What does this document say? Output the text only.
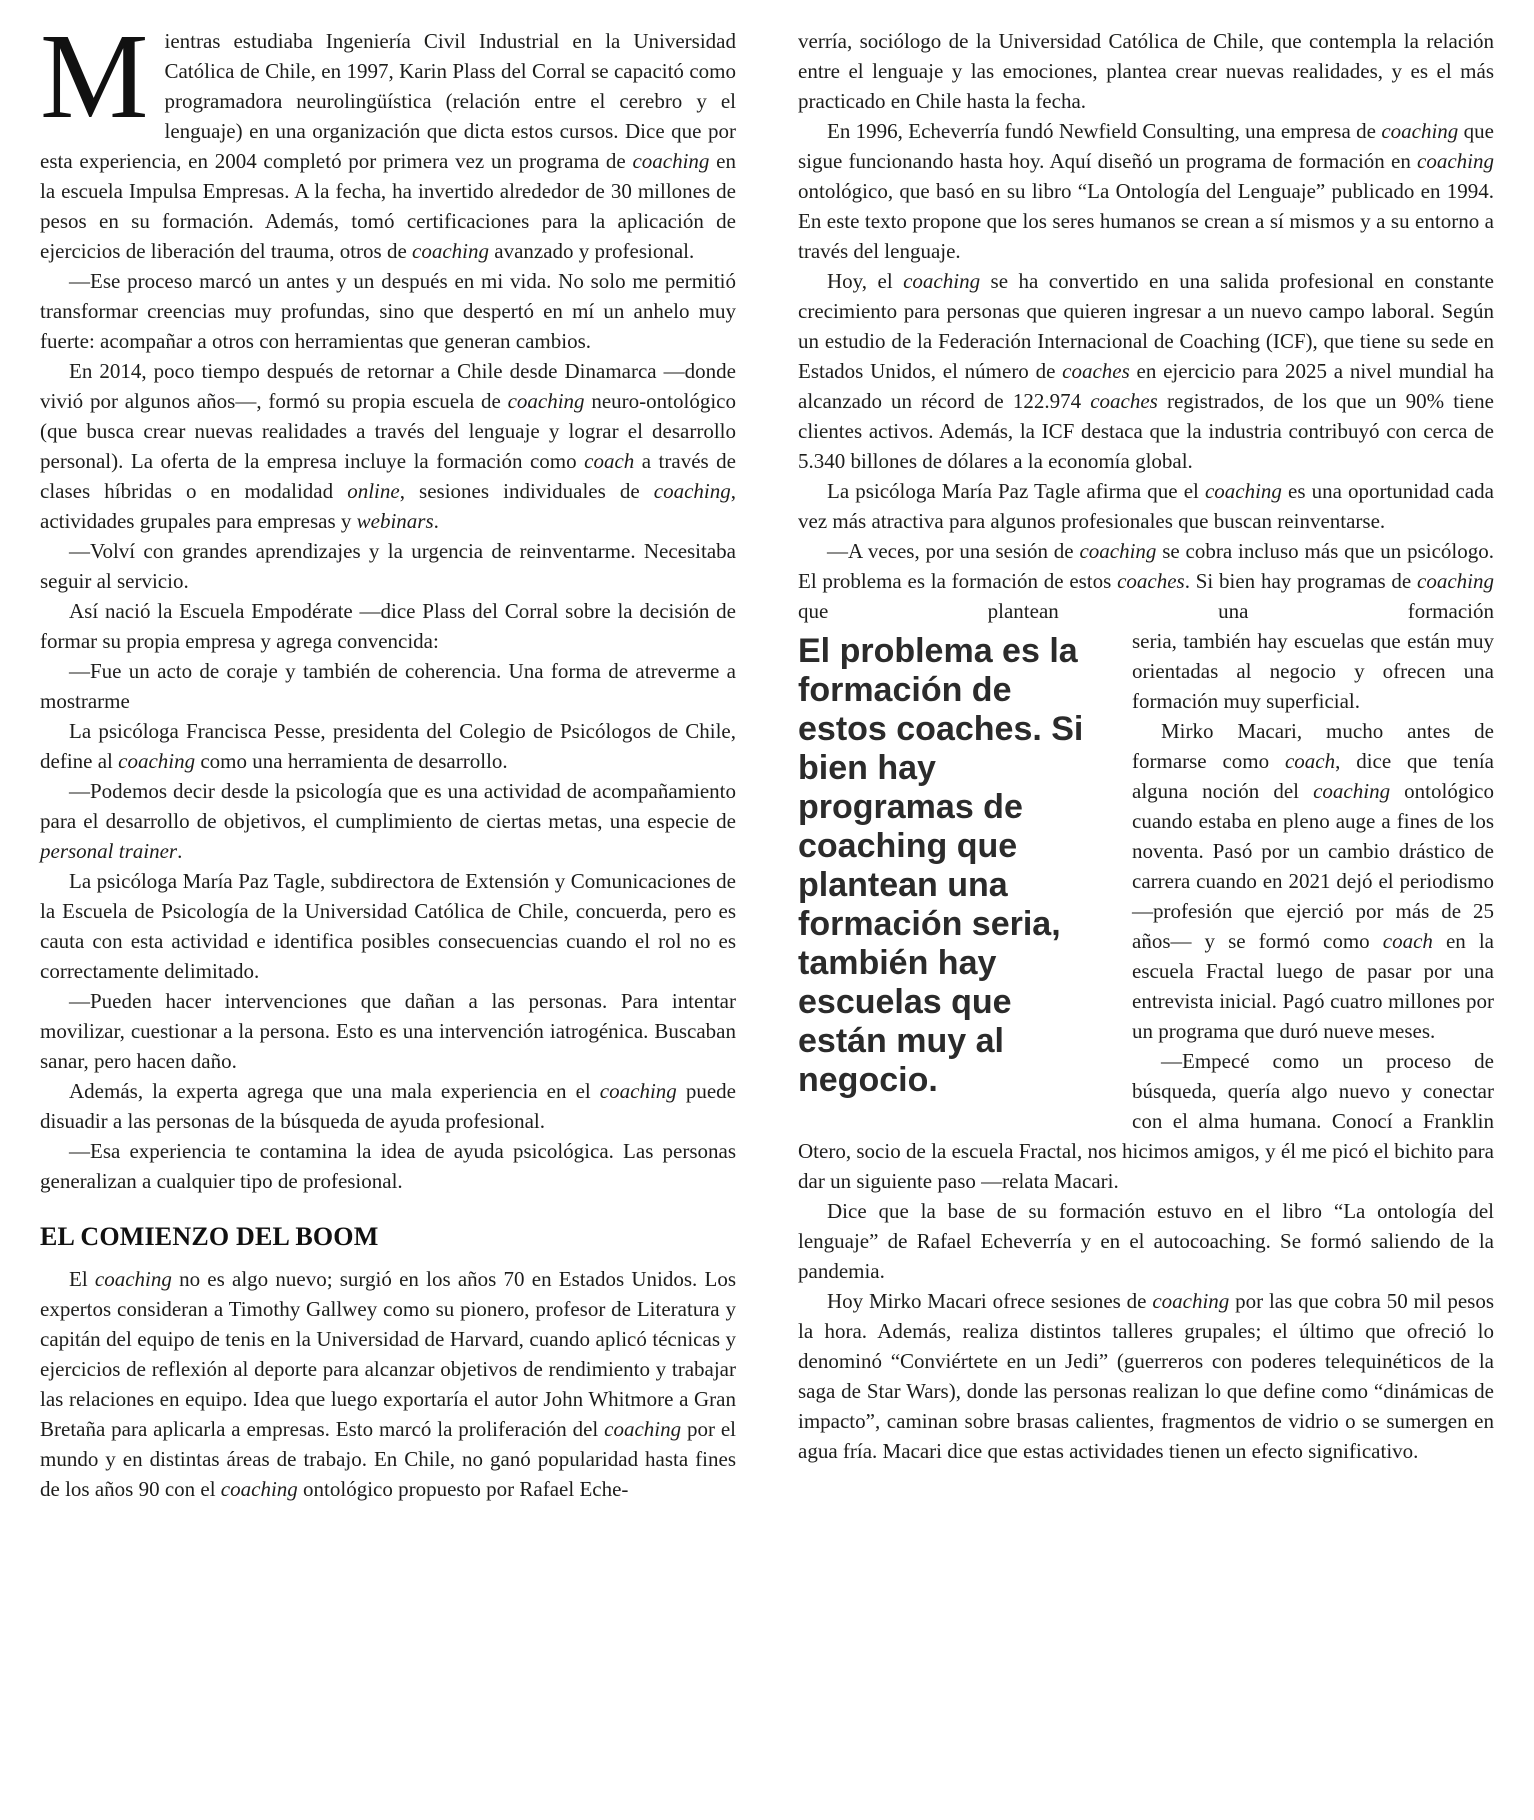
Mientras estudiaba Ingeniería Civil Industrial en la Universidad Católica de Chile, en 1997, Karin Plass del Corral se capacitó como programadora neurolingüística (relación entre el cerebro y el lenguaje) en una organización que dicta estos cursos. Dice que por esta experiencia, en 2004 completó por primera vez un programa de coaching en la escuela Impulsa Empresas. A la fecha, ha invertido alrededor de 30 millones de pesos en su formación. Además, tomó certificaciones para la aplicación de ejercicios de liberación del trauma, otros de coaching avanzado y profesional.

—Ese proceso marcó un antes y un después en mi vida. No solo me permitió transformar creencias muy profundas, sino que despertó en mí un anhelo muy fuerte: acompañar a otros con herramientas que generan cambios.

En 2014, poco tiempo después de retornar a Chile desde Dinamarca —donde vivió por algunos años—, formó su propia escuela de coaching neuro-ontológico (que busca crear nuevas realidades a través del lenguaje y lograr el desarrollo personal). La oferta de la empresa incluye la formación como coach a través de clases híbridas o en modalidad online, sesiones individuales de coaching, actividades grupales para empresas y webinars.

—Volví con grandes aprendizajes y la urgencia de reinventarme. Necesitaba seguir al servicio.

Así nació la Escuela Empodérate —dice Plass del Corral sobre la decisión de formar su propia empresa y agrega convencida:

—Fue un acto de coraje y también de coherencia. Una forma de atreverme a mostrarme

La psicóloga Francisca Pesse, presidenta del Colegio de Psicólogos de Chile, define al coaching como una herramienta de desarrollo.

—Podemos decir desde la psicología que es una actividad de acompañamiento para el desarrollo de objetivos, el cumplimiento de ciertas metas, una especie de personal trainer.

La psicóloga María Paz Tagle, subdirectora de Extensión y Comunicaciones de la Escuela de Psicología de la Universidad Católica de Chile, concuerda, pero es cauta con esta actividad e identifica posibles consecuencias cuando el rol no es correctamente delimitado.

—Pueden hacer intervenciones que dañan a las personas. Para intentar movilizar, cuestionar a la persona. Esto es una intervención iatrogénica. Buscaban sanar, pero hacen daño.

Además, la experta agrega que una mala experiencia en el coaching puede disuadir a las personas de la búsqueda de ayuda profesional.

—Esa experiencia te contamina la idea de ayuda psicológica. Las personas generalizan a cualquier tipo de profesional.

EL COMIENZO DEL BOOM

El coaching no es algo nuevo; surgió en los años 70 en Estados Unidos. Los expertos consideran a Timothy Gallwey como su pionero, profesor de Literatura y capitán del equipo de tenis en la Universidad de Harvard, cuando aplicó técnicas y ejercicios de reflexión al deporte para alcanzar objetivos de rendimiento y trabajar las relaciones en equipo. Idea que luego exportaría el autor John Whitmore a Gran Bretaña para aplicarla a empresas. Esto marcó la proliferación del coaching por el mundo y en distintas áreas de trabajo. En Chile, no ganó popularidad hasta fines de los años 90 con el coaching ontológico propuesto por Rafael Eche-

verría, sociólogo de la Universidad Católica de Chile, que contempla la relación entre el lenguaje y las emociones, plantea crear nuevas realidades, y es el más practicado en Chile hasta la fecha.

En 1996, Echeverría fundó Newfield Consulting, una empresa de coaching que sigue funcionando hasta hoy. Aquí diseñó un programa de formación en coaching ontológico, que basó en su libro “La Ontología del Lenguaje” publicado en 1994. En este texto propone que los seres humanos se crean a sí mismos y a su entorno a través del lenguaje.

Hoy, el coaching se ha convertido en una salida profesional en constante crecimiento para personas que quieren ingresar a un nuevo campo laboral. Según un estudio de la Federación Internacional de Coaching (ICF), que tiene su sede en Estados Unidos, el número de coaches en ejercicio para 2025 a nivel mundial ha alcanzado un récord de 122.974 coaches registrados, de los que un 90% tiene clientes activos. Además, la ICF destaca que la industria contribuyó con cerca de 5.340 billones de dólares a la economía global.

La psicóloga María Paz Tagle afirma que el coaching es una oportunidad cada vez más atractiva para algunos profesionales que buscan reinventarse.

—A veces, por una sesión de coaching se cobra incluso más que un psicólogo. El problema es la formación de estos coaches. Si bien hay programas de coaching que plantean una formación

El problema es la formación de estos coaches. Si bien hay programas de coaching que plantean una formación seria, también hay escuelas que están muy al negocio.

seria, también hay escuelas que están muy orientadas al negocio y ofrecen una formación muy superficial.

Mirko Macari, mucho antes de formarse como coach, dice que tenía alguna noción del coaching ontológico cuando estaba en pleno auge a fines de los noventa. Pasó por un cambio drástico de carrera cuando en 2021 dejó el periodismo —profesión que ejerció por más de 25 años— y se formó como coach en la escuela Fractal luego de pasar por una entrevista inicial. Pagó cuatro millones por un programa que duró nueve meses.

—Empecé como un proceso de búsqueda, quería algo nuevo y conectar con el alma humana. Conocí a Franklin Otero, socio de la escuela Fractal, nos hicimos amigos, y él me picó el bichito para dar un siguiente paso —relata Macari.

Dice que la base de su formación estuvo en el libro “La ontología del lenguaje” de Rafael Echeverría y en el autocoaching. Se formó saliendo de la pandemia.

Hoy Mirko Macari ofrece sesiones de coaching por las que cobra 50 mil pesos la hora. Además, realiza distintos talleres grupales; el último que ofreció lo denominó “Conviértete en un Jedi” (guerreros con poderes telequinéticos de la saga de Star Wars), donde las personas realizan lo que define como “dinámicas de impacto”, caminan sobre brasas calientes, fragmentos de vidrio o se sumergen en agua fría. Macari dice que estas actividades tienen un efecto significativo.
